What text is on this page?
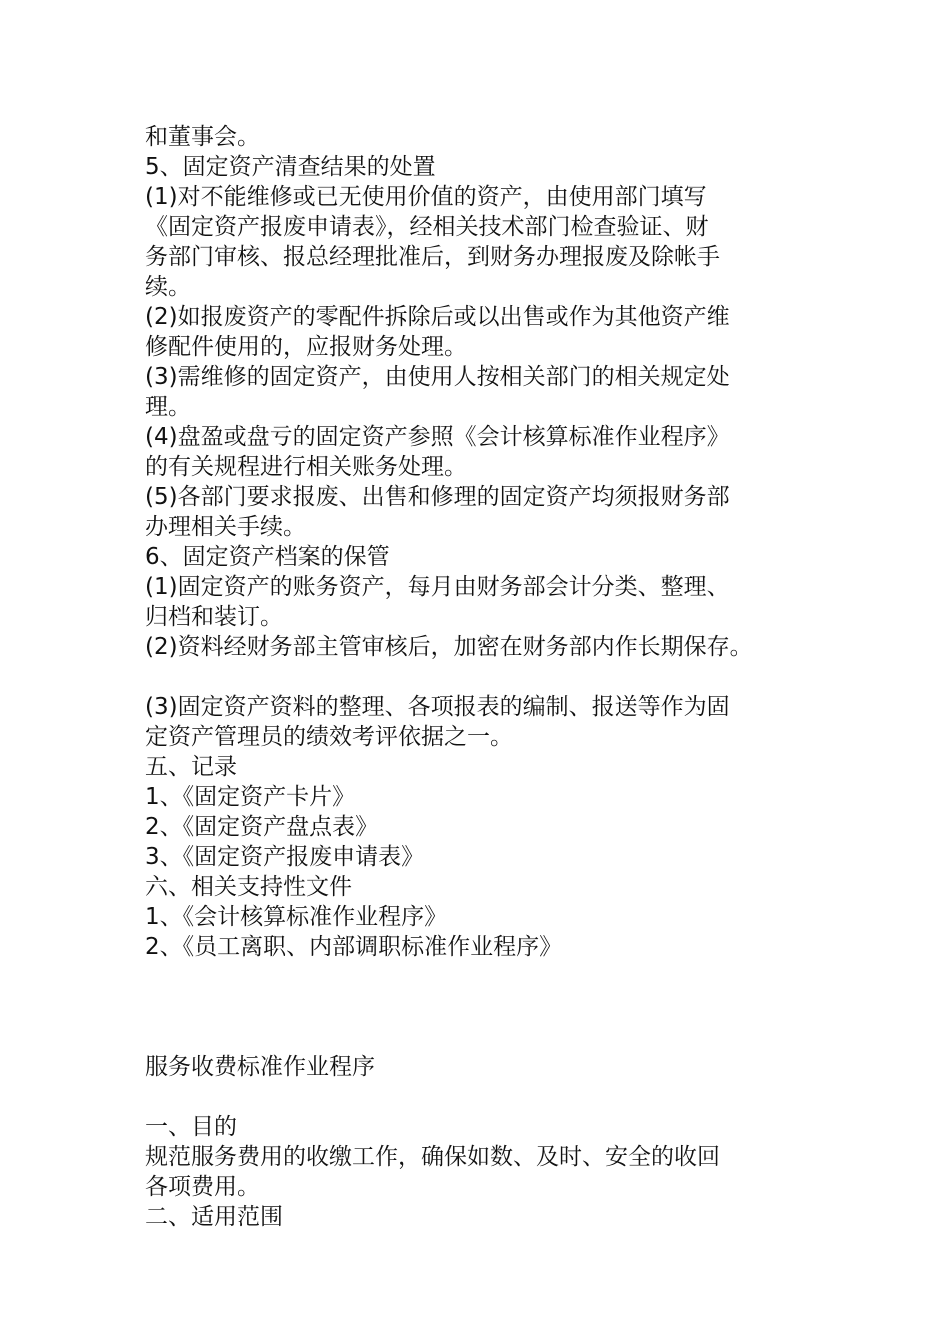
和董事会。

5、固定资产清查结果的处置

(1)对不能维修或已无使用价值的资产，由使用部门填写

《固定资产报废申请表》，经相关技术部门检查验证、财

务部门审核、报总经理批准后，到财务办理报废及除帐手

续。

(2)如报废资产的零配件拆除后或以出售或作为其他资产维

修配件使用的，应报财务处理。

(3)需维修的固定资产，由使用人按相关部门的相关规定处

理。

(4)盘盈或盘亏的固定资产参照《会计核算标准作业程序》

的有关规程进行相关账务处理。

(5)各部门要求报废、出售和修理的固定资产均须报财务部

办理相关手续。

6、固定资产档案的保管

(1)固定资产的账务资产，每月由财务部会计分类、整理、

归档和装订。

(2)资料经财务部主管审核后，加密在财务部内作长期保存。

(3)固定资产资料的整理、各项报表的编制、报送等作为固

定资产管理员的绩效考评依据之一。

五、记录

1、《固定资产卡片》

2、《固定资产盘点表》

3、《固定资产报废申请表》

六、相关支持性文件

1、《会计核算标准作业程序》

2、《员工离职、内部调职标准作业程序》

服务收费标准作业程序

一、目的

规范服务费用的收缴工作，确保如数、及时、安全的收回

各项费用。

二、适用范围
